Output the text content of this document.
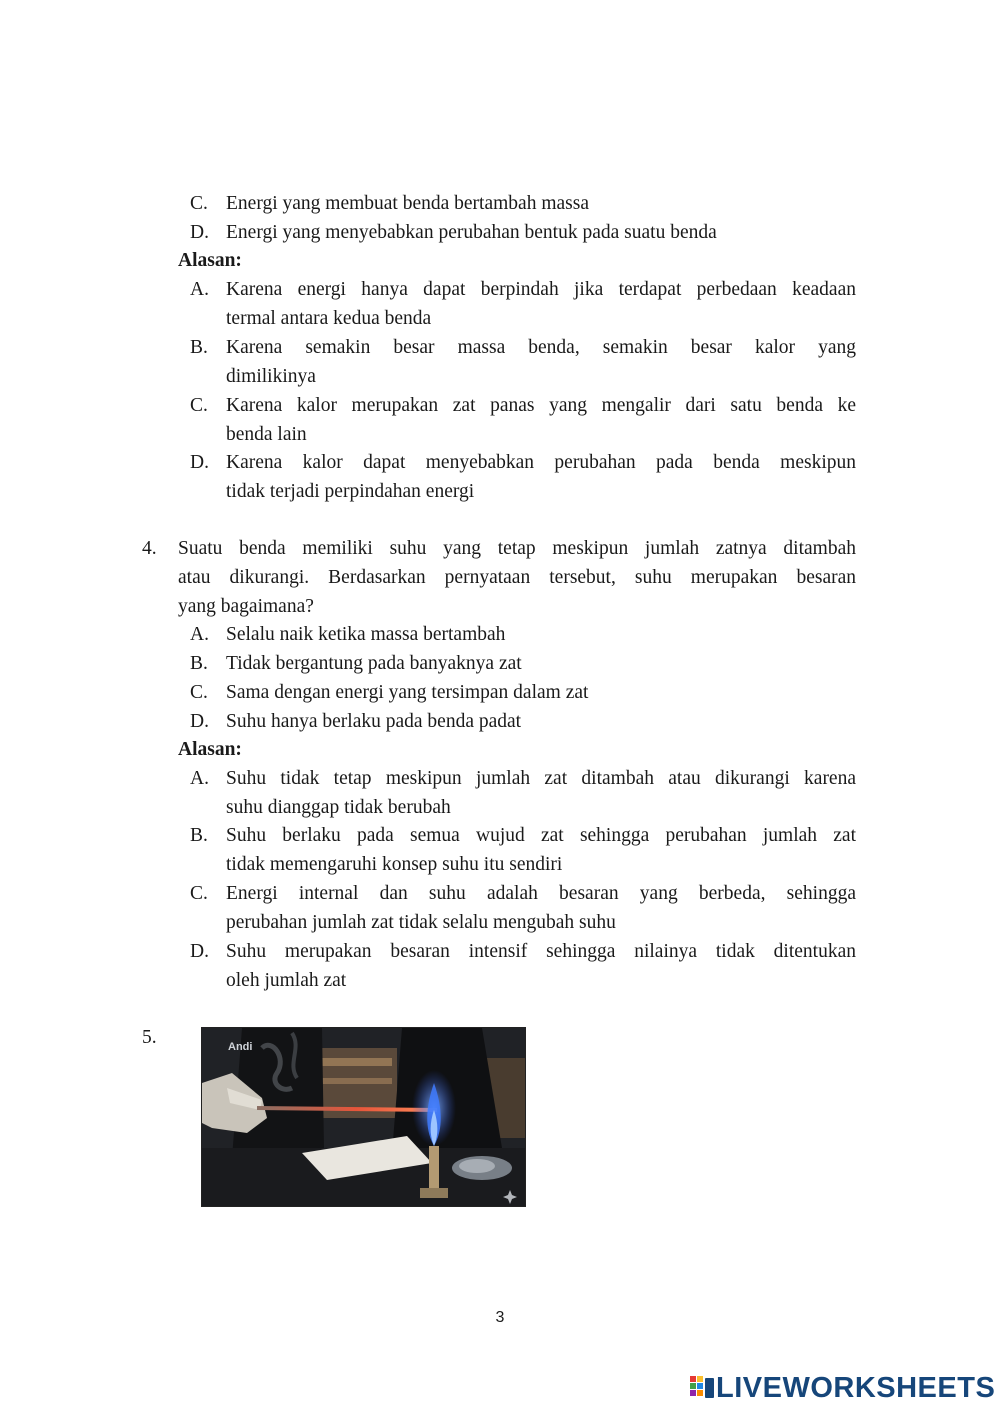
C. Energi yang membuat benda bertambah massa
D. Energi yang menyebabkan perubahan bentuk pada suatu benda
Alasan:
A. Karena energi hanya dapat berpindah jika terdapat perbedaan keadaan
termal antara kedua benda
B. Karena semakin besar massa benda, semakin besar kalor yang
dimilikinya
C. Karena kalor merupakan zat panas yang mengalir dari satu benda ke
benda lain
D. Karena kalor dapat menyebabkan perubahan pada benda meskipun
tidak terjadi perpindahan energi
4. Suatu benda memiliki suhu yang tetap meskipun jumlah zatnya ditambah
atau dikurangi. Berdasarkan pernyataan tersebut, suhu merupakan besaran
yang bagaimana?
A. Selalu naik ketika massa bertambah
B. Tidak bergantung pada banyaknya zat
C. Sama dengan energi yang tersimpan dalam zat
D. Suhu hanya berlaku pada benda padat
Alasan:
A. Suhu tidak tetap meskipun jumlah zat ditambah atau dikurangi karena
suhu dianggap tidak berubah
B. Suhu berlaku pada semua wujud zat sehingga perubahan jumlah zat
tidak memengaruhi konsep suhu itu sendiri
C. Energi internal dan suhu adalah besaran yang berbeda, sehingga
perubahan jumlah zat tidak selalu mengubah suhu
D. Suhu merupakan besaran intensif sehingga nilainya tidak ditentukan
oleh jumlah zat
5.	Andi
3
LIVEWORKSHEETS
